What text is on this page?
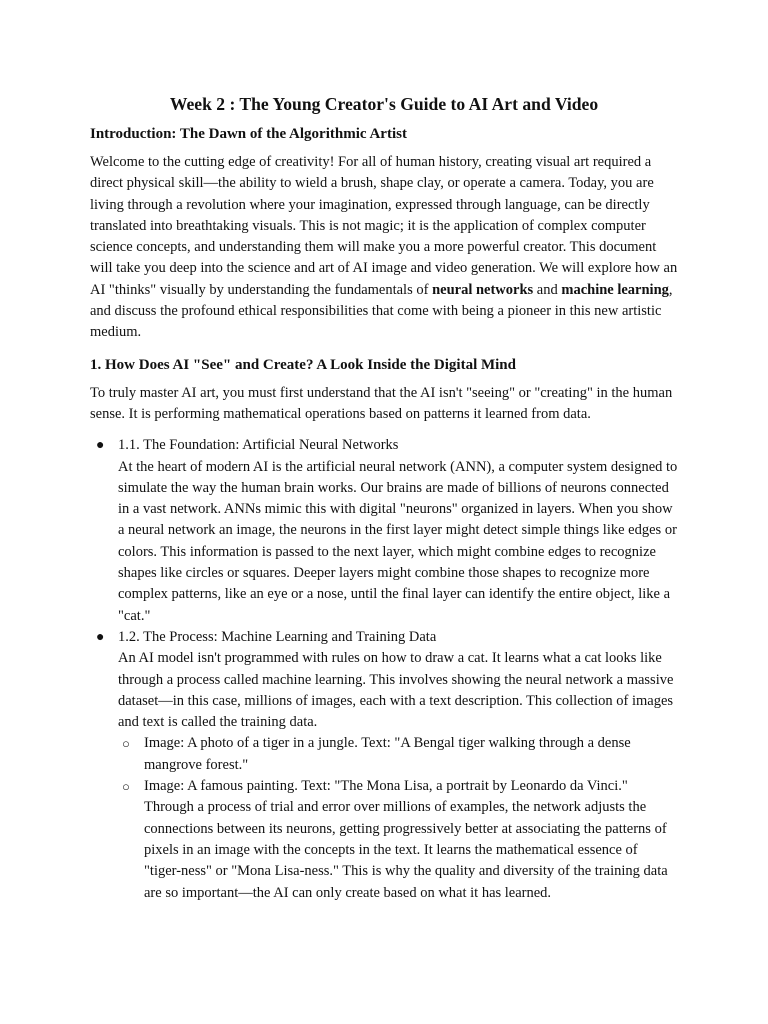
Week 2 : The Young Creator's Guide to AI Art and Video
Introduction: The Dawn of the Algorithmic Artist

Welcome to the cutting edge of creativity! For all of human history, creating visual art required a direct physical skill—the ability to wield a brush, shape clay, or operate a camera. Today, you are living through a revolution where your imagination, expressed through language, can be directly translated into breathtaking visuals. This is not magic; it is the application of complex computer science concepts, and understanding them will make you a more powerful creator. This document will take you deep into the science and art of AI image and video generation. We will explore how an AI "thinks" visually by understanding the fundamentals of neural networks and machine learning, and discuss the profound ethical responsibilities that come with being a pioneer in this new artistic medium.

1. How Does AI "See" and Create? A Look Inside the Digital Mind

To truly master AI art, you must first understand that the AI isn't "seeing" or "creating" in the human sense. It is performing mathematical operations based on patterns it learned from data.

● 1.1. The Foundation: Artificial Neural Networks
At the heart of modern AI is the artificial neural network (ANN), a computer system designed to simulate the way the human brain works. Our brains are made of billions of neurons connected in a vast network. ANNs mimic this with digital "neurons" organized in layers. When you show a neural network an image, the neurons in the first layer might detect simple things like edges or colors. This information is passed to the next layer, which might combine edges to recognize shapes like circles or squares. Deeper layers might combine those shapes to recognize more complex patterns, like an eye or a nose, until the final layer can identify the entire object, like a "cat."
● 1.2. The Process: Machine Learning and Training Data
An AI model isn't programmed with rules on how to draw a cat. It learns what a cat looks like through a process called machine learning. This involves showing the neural network a massive dataset—in this case, millions of images, each with a text description. This collection of images and text is called the training data.
○ Image: A photo of a tiger in a jungle. Text: "A Bengal tiger walking through a dense mangrove forest."
○ Image: A famous painting. Text: "The Mona Lisa, a portrait by Leonardo da Vinci." Through a process of trial and error over millions of examples, the network adjusts the connections between its neurons, getting progressively better at associating the patterns of pixels in an image with the concepts in the text. It learns the mathematical essence of "tiger-ness" or "Mona Lisa-ness." This is why the quality and diversity of the training data are so important—the AI can only create based on what it has learned.
